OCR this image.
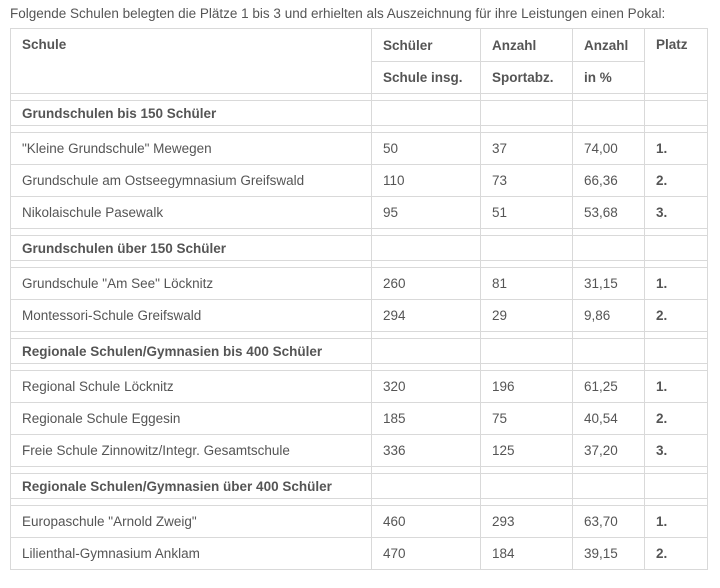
Folgende Schulen belegten die Plätze 1 bis 3 und erhielten als Auszeichnung für ihre Leistungen einen Pokal:
Schule	Schüler	Anzahl	Anzahl	Platz
	Schule insg.	Sportabz.	in %	

Grundschulen bis 150 Schüler				

"Kleine Grundschule" Mewegen	50	37	74,00	1.
Grundschule am Ostseegymnasium Greifswald	110	73	66,36	2.
Nikolaischule Pasewalk	95	51	53,68	3.

Grundschulen über 150 Schüler				

Grundschule "Am See" Löcknitz	260	81	31,15	1.
Montessori-Schule Greifswald	294	29	9,86	2.

Regionale Schulen/Gymnasien bis 400 Schüler				

Regional Schule Löcknitz	320	196	61,25	1.
Regionale Schule Eggesin	185	75	40,54	2.
Freie Schule Zinnowitz/Integr. Gesamtschule	336	125	37,20	3.

Regionale Schulen/Gymnasien über 400 Schüler				

Europaschule "Arnold Zweig"	460	293	63,70	1.
Lilienthal-Gymnasium Anklam	470	184	39,15	2.
